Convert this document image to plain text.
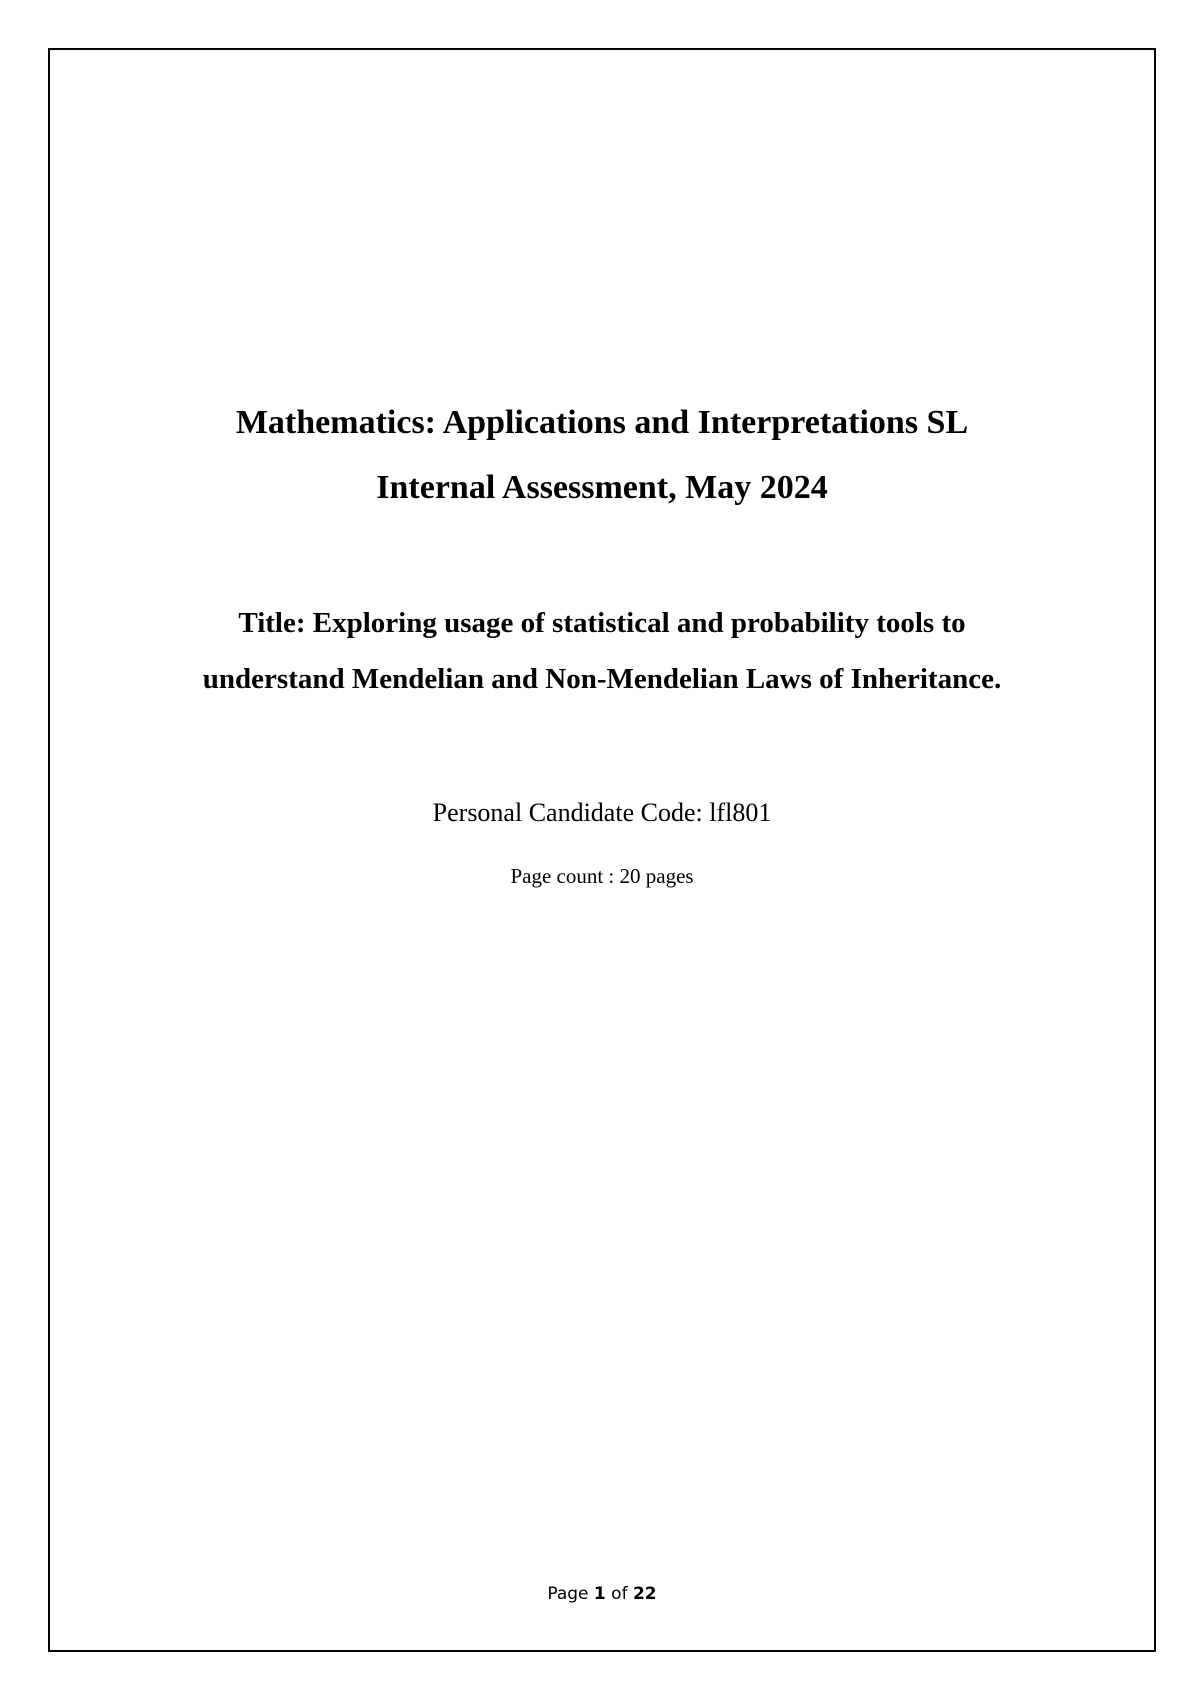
Mathematics: Applications and Interpretations SL
Internal Assessment, May 2024
Title: Exploring usage of statistical and probability tools to
understand Mendelian and Non-Mendelian Laws of Inheritance.
Personal Candidate Code: lfl801
Page count : 20 pages
Page 1 of 22
